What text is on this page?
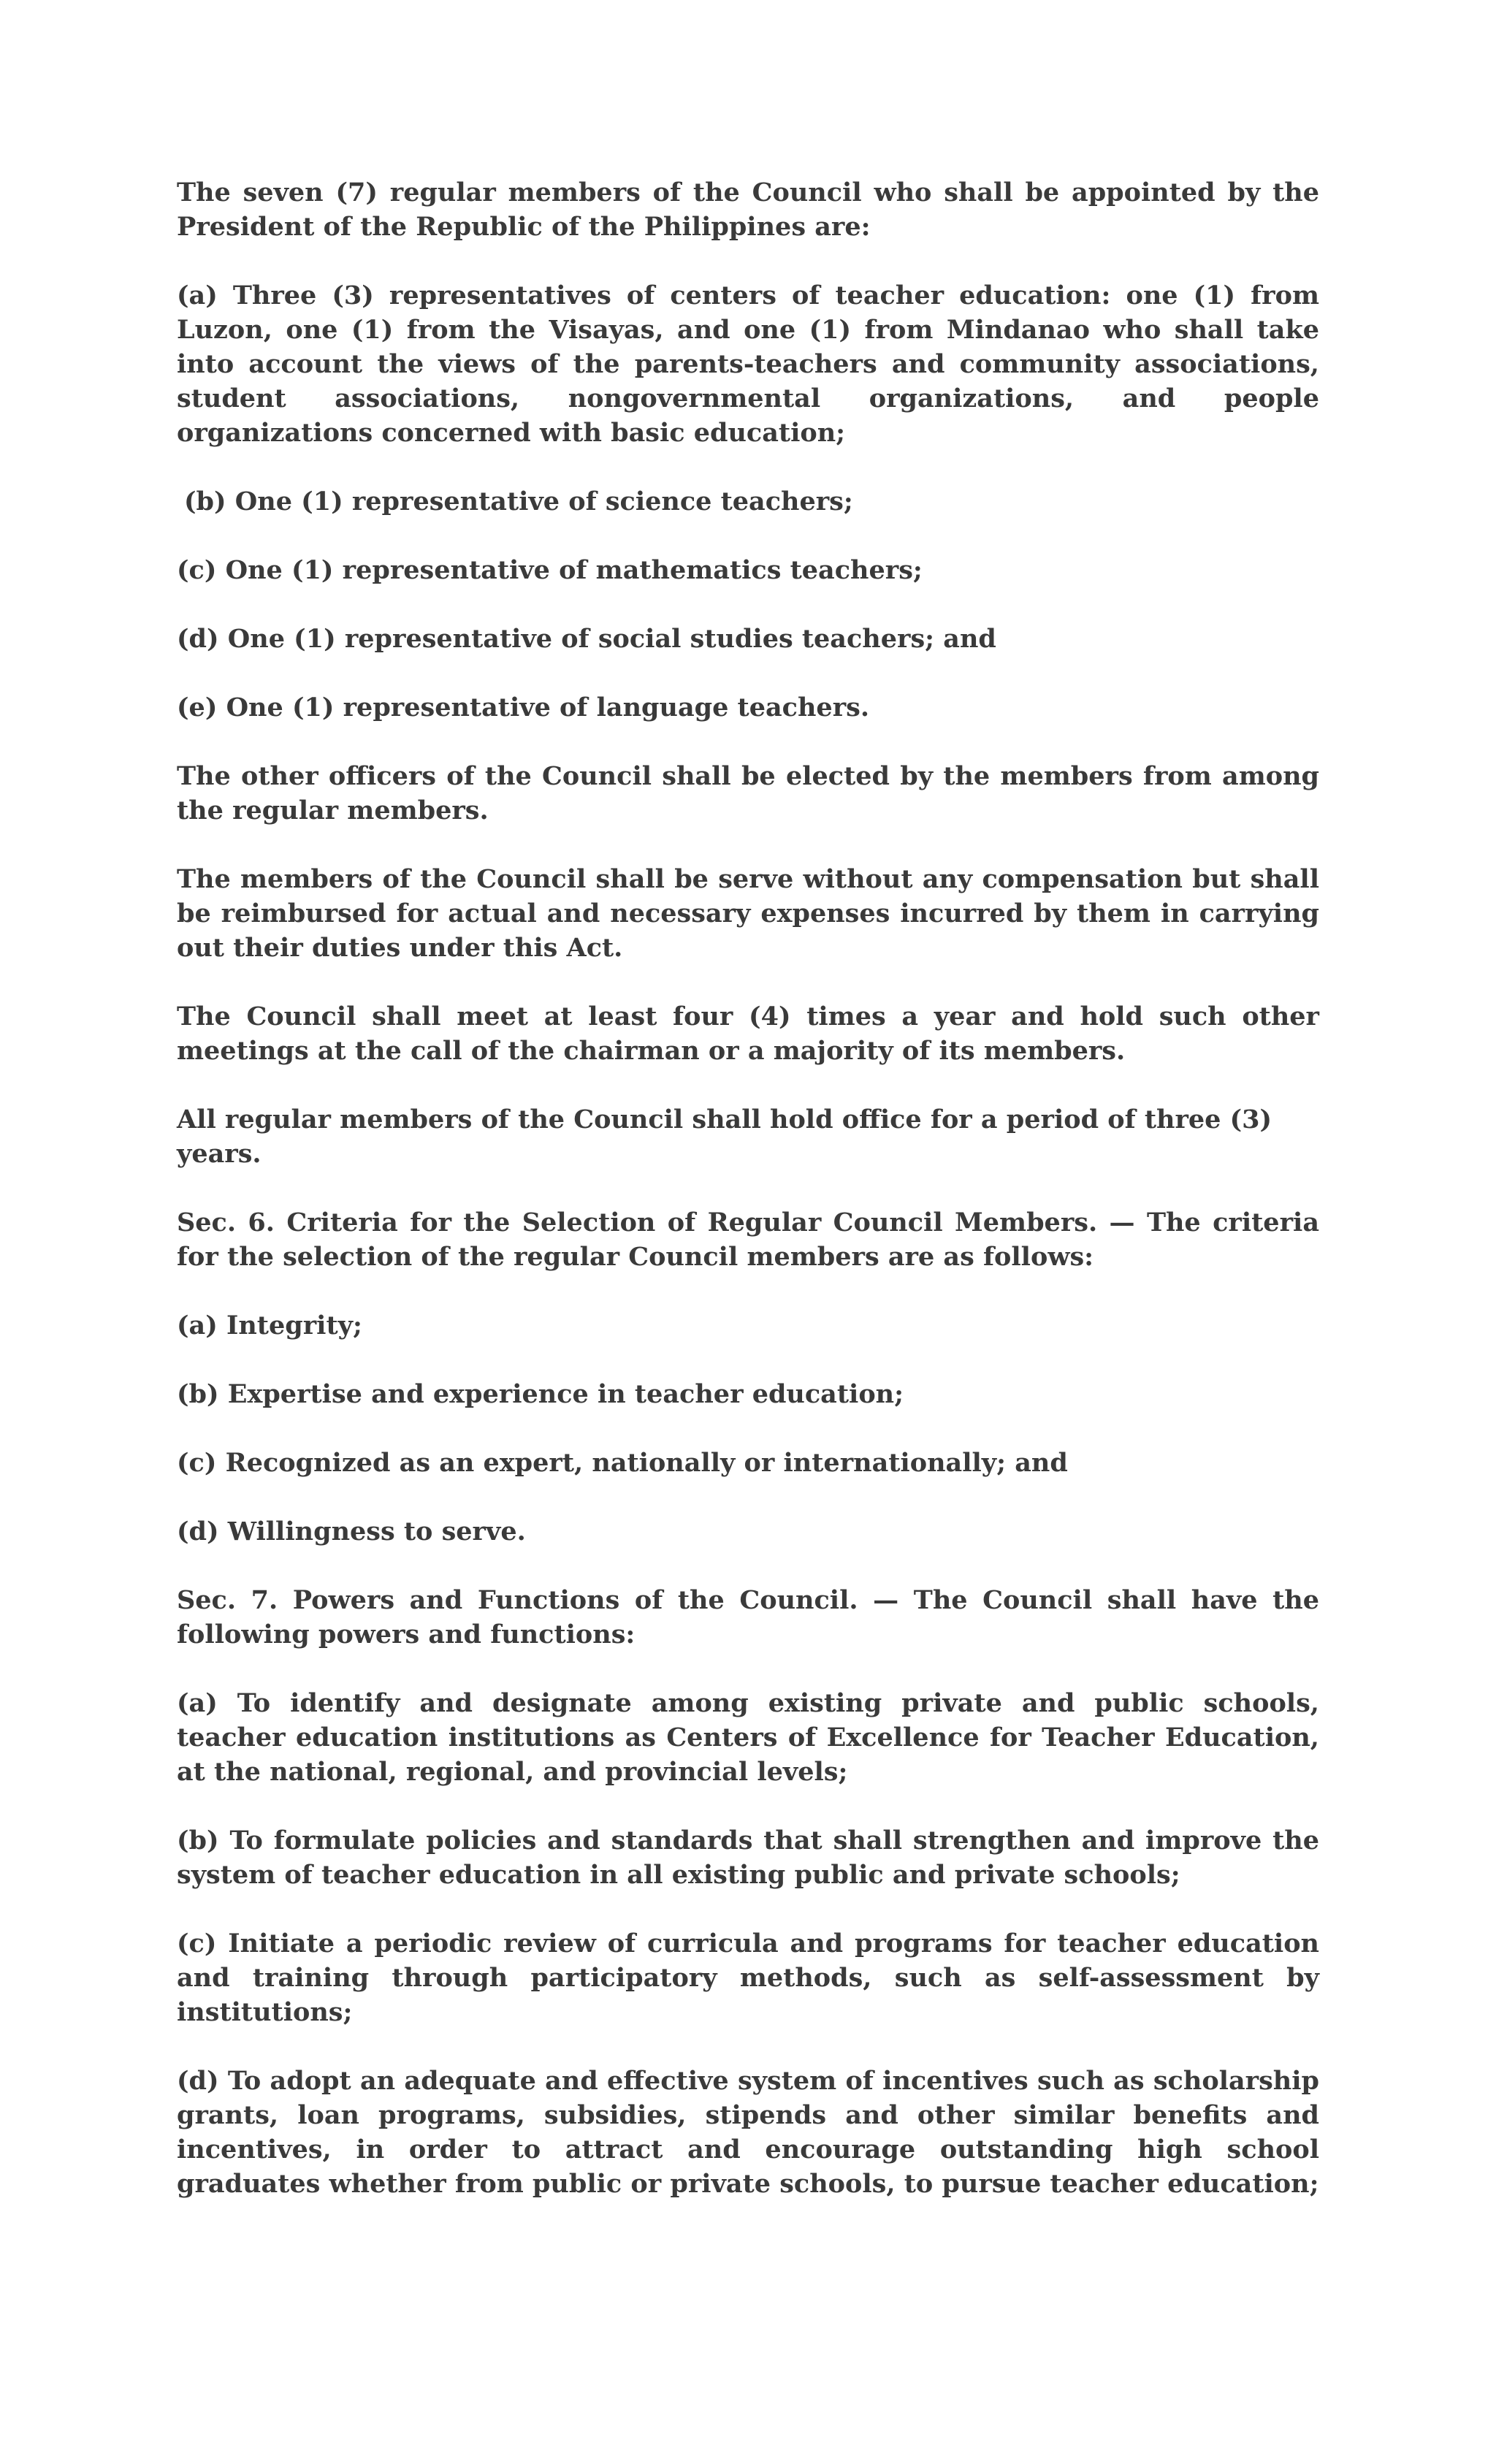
The seven (7) regular members of the Council who shall be appointed by the President of the Republic of the Philippines are:

(a) Three (3) representatives of centers of teacher education: one (1) from Luzon, one (1) from the Visayas, and one (1) from Mindanao who shall take into account the views of the parents-teachers and community associations, student associations, nongovernmental organizations, and people organizations concerned with basic education;

(b) One (1) representative of science teachers;

(c) One (1) representative of mathematics teachers;

(d) One (1) representative of social studies teachers; and

(e) One (1) representative of language teachers.

The other officers of the Council shall be elected by the members from among the regular members.

The members of the Council shall be serve without any compensation but shall be reimbursed for actual and necessary expenses incurred by them in carrying out their duties under this Act.

The Council shall meet at least four (4) times a year and hold such other meetings at the call of the chairman or a majority of its members.

All regular members of the Council shall hold office for a period of three (3) years.

Sec. 6. Criteria for the Selection of Regular Council Members. — The criteria for the selection of the regular Council members are as follows:

(a) Integrity;

(b) Expertise and experience in teacher education;

(c) Recognized as an expert, nationally or internationally; and

(d) Willingness to serve.

Sec. 7. Powers and Functions of the Council. — The Council shall have the following powers and functions:

(a) To identify and designate among existing private and public schools, teacher education institutions as Centers of Excellence for Teacher Education, at the national, regional, and provincial levels;

(b) To formulate policies and standards that shall strengthen and improve the system of teacher education in all existing public and private schools;

(c) Initiate a periodic review of curricula and programs for teacher education and training through participatory methods, such as self-assessment by institutions;

(d) To adopt an adequate and effective system of incentives such as scholarship grants, loan programs, subsidies, stipends and other similar benefits and incentives, in order to attract and encourage outstanding high school graduates whether from public or private schools, to pursue teacher education;
